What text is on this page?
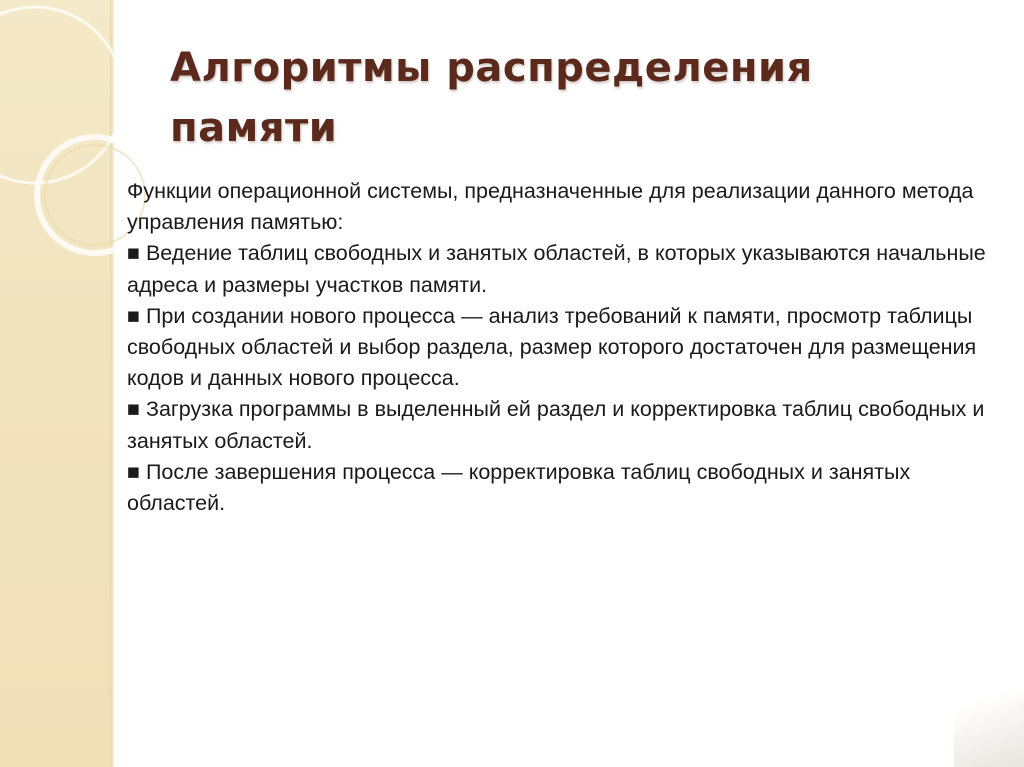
Алгоритмы распределения
памяти

Функции операционной системы, предназначенные для реализации данного метода управления памятью:

■ Ведение таблиц свободных и занятых областей, в которых указываются начальные адреса и размеры участков памяти.

■ При создании нового процесса — анализ требований к памяти, просмотр таблицы свободных областей и выбор раздела, размер которого достаточен для размещения кодов и данных нового процесса.

■ Загрузка программы в выделенный ей раздел и корректировка таблиц свободных и занятых областей.

■ После завершения процесса — корректировка таблиц свободных и занятых областей.
